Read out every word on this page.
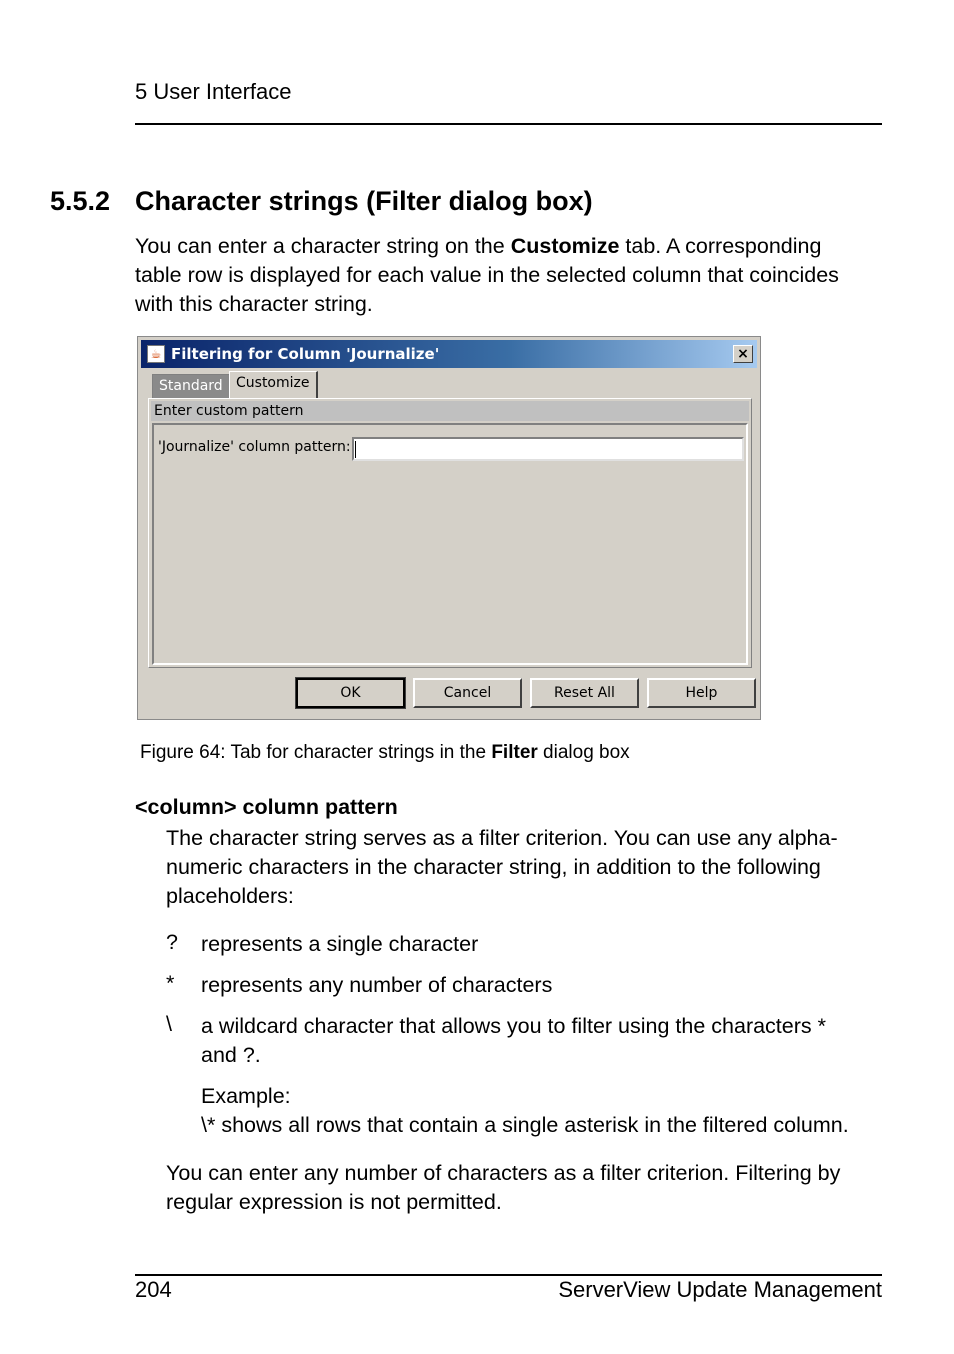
5 User Interface
5.5.2 Character strings (Filter dialog box)
You can enter a character string on the Customize tab. A corresponding table row is displayed for each value in the selected column that coincides with this character string.
☕ Filtering for Column 'Journalize'	×
Standard Customize
Enter custom pattern
'Journalize' column pattern:
OK	Cancel	Reset All	Help
Figure 64: Tab for character strings in the Filter dialog box
<column> column pattern
The character string serves as a filter criterion. You can use any alpha-numeric characters in the character string, in addition to the following placeholders:
?	represents a single character
*	represents any number of characters
\	a wildcard character that allows you to filter using the characters * and ?.
Example:
\* shows all rows that contain a single asterisk in the filtered column.
You can enter any number of characters as a filter criterion. Filtering by regular expression is not permitted.
204	ServerView Update Management
